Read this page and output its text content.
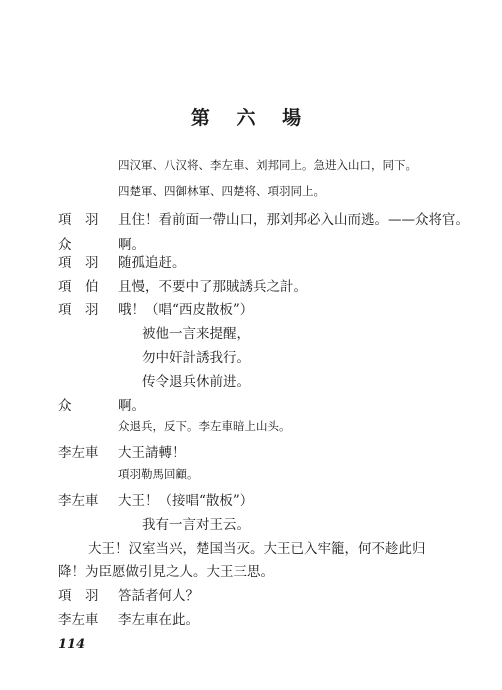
第 六 場
四汉軍、八汉将、李左車、刘邦同上。急进入山口，同下。
四楚軍、四御林軍、四楚将、項羽同上。
項　羽 且住！看前面一帶山口，那刘邦必入山而逃。——众将官。
众	啊。
項　羽 随孤追赶。
項　伯 且慢，不要中了那賊誘兵之計。
項　羽 哦！（唱“西皮散板”）
被他一言来提醒，
勿中奸計誘我行。
传令退兵休前进。
众	啊。
众退兵，反下。李左車暗上山头。
李左車 大王請轉！
項羽勒馬回顧。
李左車 大王！（接唱“散板”）
我有一言对王云。
大王！汉室当兴，楚国当灭。大王已入牢籠，何不趁此归
降！为臣愿做引見之人。大王三思。
項　羽 答話者何人？
李左車 李左車在此。
114
